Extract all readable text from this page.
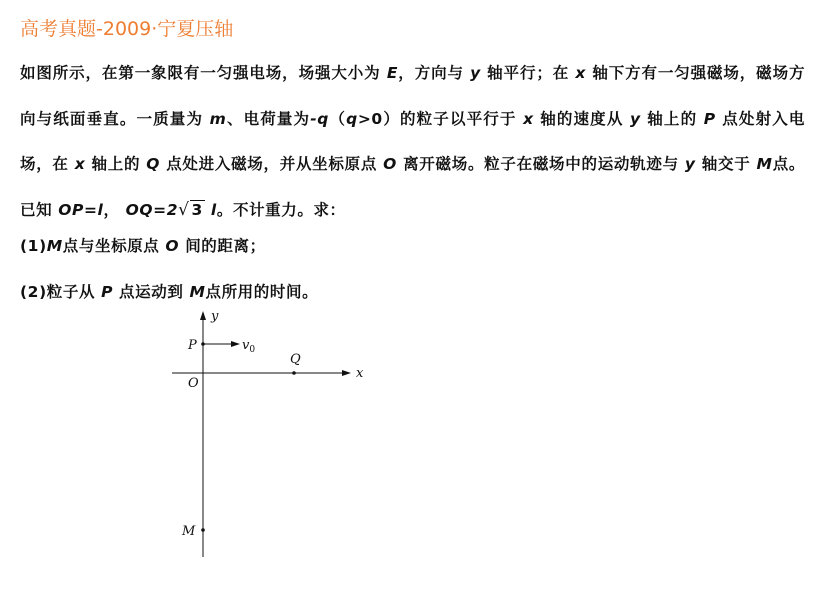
高考真题-2009·宁夏压轴
如图所示，在第一象限有一匀强电场，场强大小为 E，方向与 y 轴平行；在 x 轴下方有一匀强磁场，磁场方向与纸面垂直。一质量为 m、电荷量为-q（q>0）的粒子以平行于 x 轴的速度从 y 轴上的 P 点处射入电场，在 x 轴上的 Q 点处进入磁场，并从坐标原点 O 离开磁场。粒子在磁场中的运动轨迹与 y 轴交于 M点。已知 OP=l， OQ=2√ 3 l。不计重力。求：
(1)M点与坐标原点 O 间的距离；
(2)粒子从 P 点运动到 M点所用的时间。
y
x
P	$v_0$
Q
O
M
